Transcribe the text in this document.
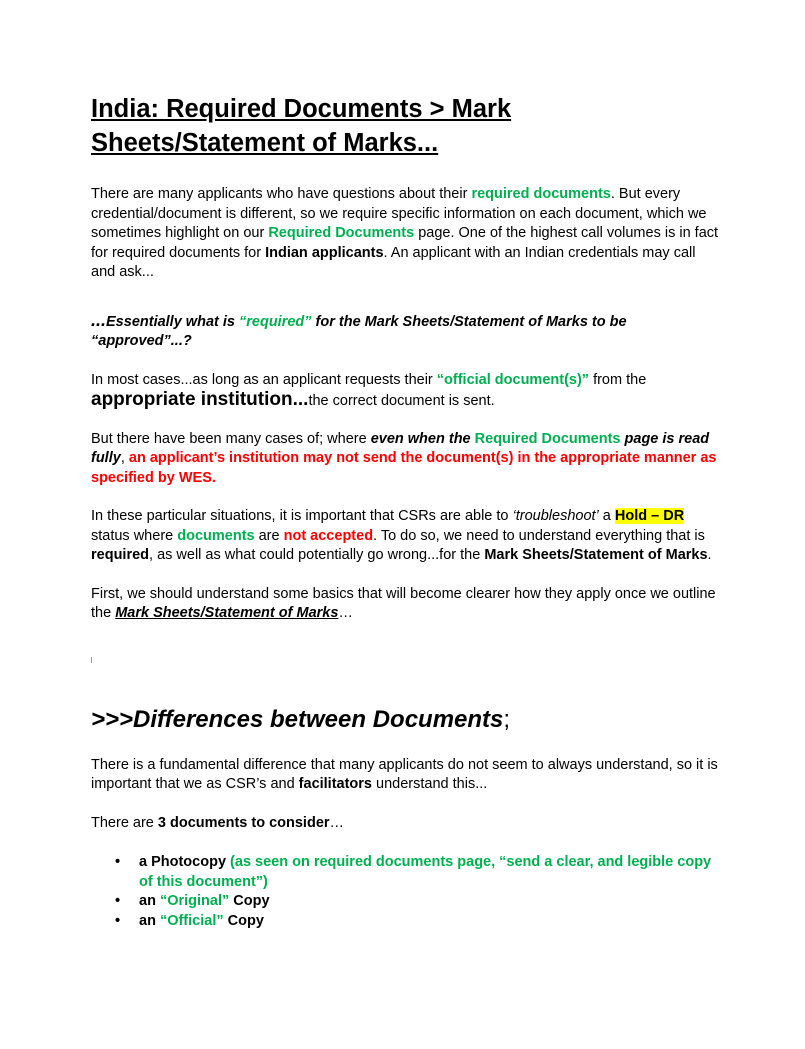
India: Required Documents > Mark
Sheets/Statement of Marks...

There are many applicants who have questions about their required documents. But every credential/document is different, so we require specific information on each document, which we sometimes highlight on our Required Documents page. One of the highest call volumes is in fact for required documents for Indian applicants. An applicant with an Indian credentials may call and ask...

...Essentially what is “required” for the Mark Sheets/Statement of Marks to be “approved”...?

In most cases...as long as an applicant requests their “official document(s)” from the appropriate institution...the correct document is sent.

But there have been many cases of; where even when the Required Documents page is read fully, an applicant’s institution may not send the document(s) in the appropriate manner as specified by WES.

In these particular situations, it is important that CSRs are able to ‘troubleshoot’ a Hold – DR status where documents are not accepted. To do so, we need to understand everything that is required, as well as what could potentially go wrong...for the Mark Sheets/Statement of Marks.

First, we should understand some basics that will become clearer how they apply once we outline the Mark Sheets/Statement of Marks…

>>>Differences between Documents;

There is a fundamental difference that many applicants do not seem to always understand, so it is important that we as CSR’s and facilitators understand this...

There are 3 documents to consider…

• a Photocopy (as seen on required documents page, “send a clear, and legible copy of this document”)
• an “Original” Copy
• an “Official” Copy
